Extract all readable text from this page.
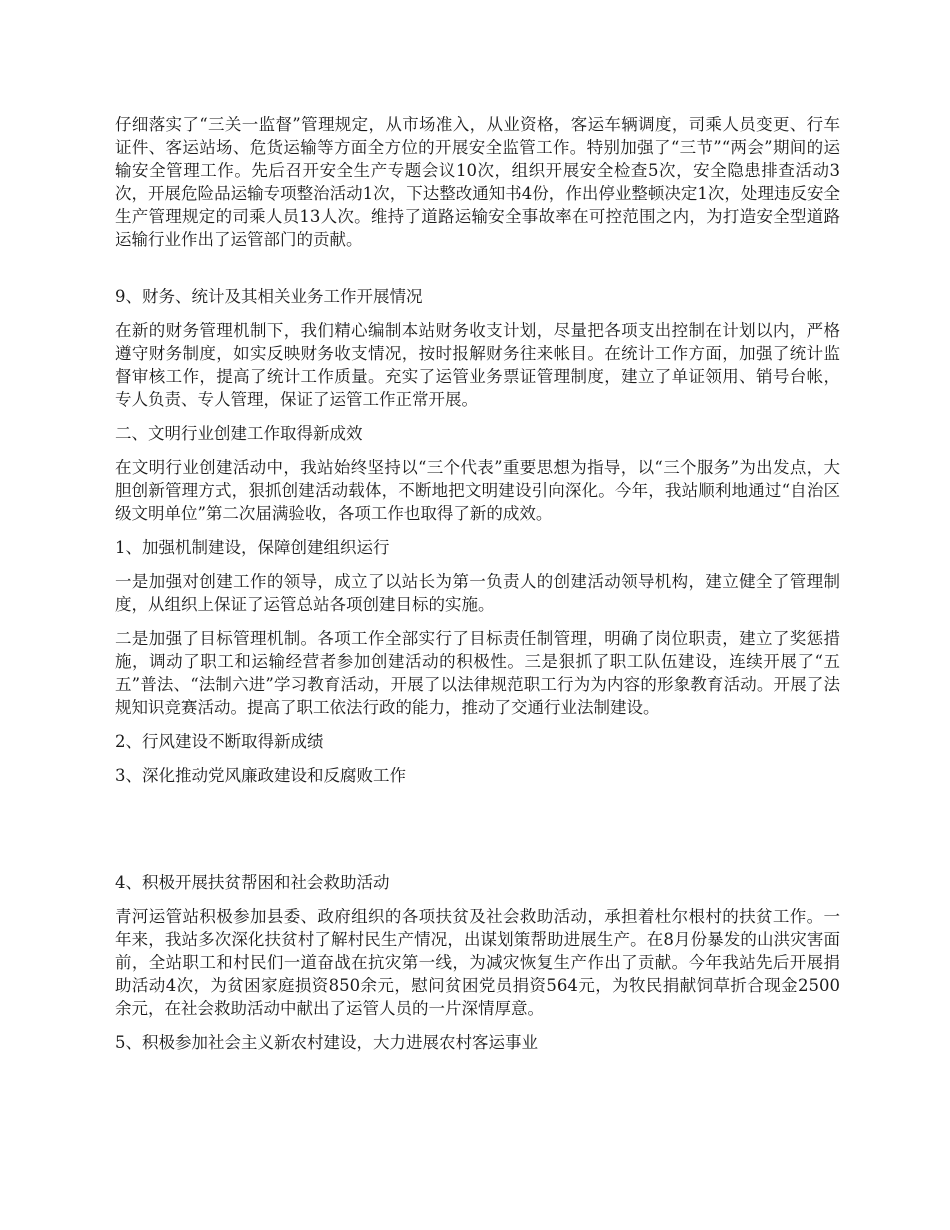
仔细落实了“三关一监督”管理规定，从市场准入，从业资格，客运车辆调度，司乘人员变更、行车证件、客运站场、危货运输等方面全方位的开展安全监管工作。特别加强了“三节”“两会”期间的运输安全管理工作。先后召开安全生产专题会议10次，组织开展安全检查5次，安全隐患排查活动3次，开展危险品运输专项整治活动1次，下达整改通知书4份，作出停业整顿决定1次，处理违反安全生产管理规定的司乘人员13人次。维持了道路运输安全事故率在可控范围之内，为打造安全型道路运输行业作出了运管部门的贡献。

9、财务、统计及其相关业务工作开展情况

在新的财务管理机制下，我们精心编制本站财务收支计划，尽量把各项支出控制在计划以内，严格遵守财务制度，如实反映财务收支情况，按时报解财务往来帐目。在统计工作方面，加强了统计监督审核工作，提高了统计工作质量。充实了运管业务票证管理制度，建立了单证领用、销号台帐，专人负责、专人管理，保证了运管工作正常开展。

二、文明行业创建工作取得新成效

在文明行业创建活动中，我站始终坚持以“三个代表”重要思想为指导，以“三个服务”为出发点，大胆创新管理方式，狠抓创建活动载体，不断地把文明建设引向深化。今年，我站顺利地通过“自治区级文明单位”第二次届满验收，各项工作也取得了新的成效。

1、加强机制建设，保障创建组织运行

一是加强对创建工作的领导，成立了以站长为第一负责人的创建活动领导机构，建立健全了管理制度，从组织上保证了运管总站各项创建目标的实施。

二是加强了目标管理机制。各项工作全部实行了目标责任制管理，明确了岗位职责，建立了奖惩措施，调动了职工和运输经营者参加创建活动的积极性。三是狠抓了职工队伍建设，连续开展了“五五”普法、“法制六进”学习教育活动，开展了以法律规范职工行为为内容的形象教育活动。开展了法规知识竞赛活动。提高了职工依法行政的能力，推动了交通行业法制建设。

2、行风建设不断取得新成绩

3、深化推动党风廉政建设和反腐败工作

4、积极开展扶贫帮困和社会救助活动

青河运管站积极参加县委、政府组织的各项扶贫及社会救助活动，承担着杜尔根村的扶贫工作。一年来，我站多次深化扶贫村了解村民生产情况，出谋划策帮助进展生产。在8月份暴发的山洪灾害面前，全站职工和村民们一道奋战在抗灾第一线，为减灾恢复生产作出了贡献。今年我站先后开展捐助活动4次，为贫困家庭损资850余元，慰问贫困党员捐资564元，为牧民捐献饲草折合现金2500余元，在社会救助活动中献出了运管人员的一片深情厚意。

5、积极参加社会主义新农村建设，大力进展农村客运事业
